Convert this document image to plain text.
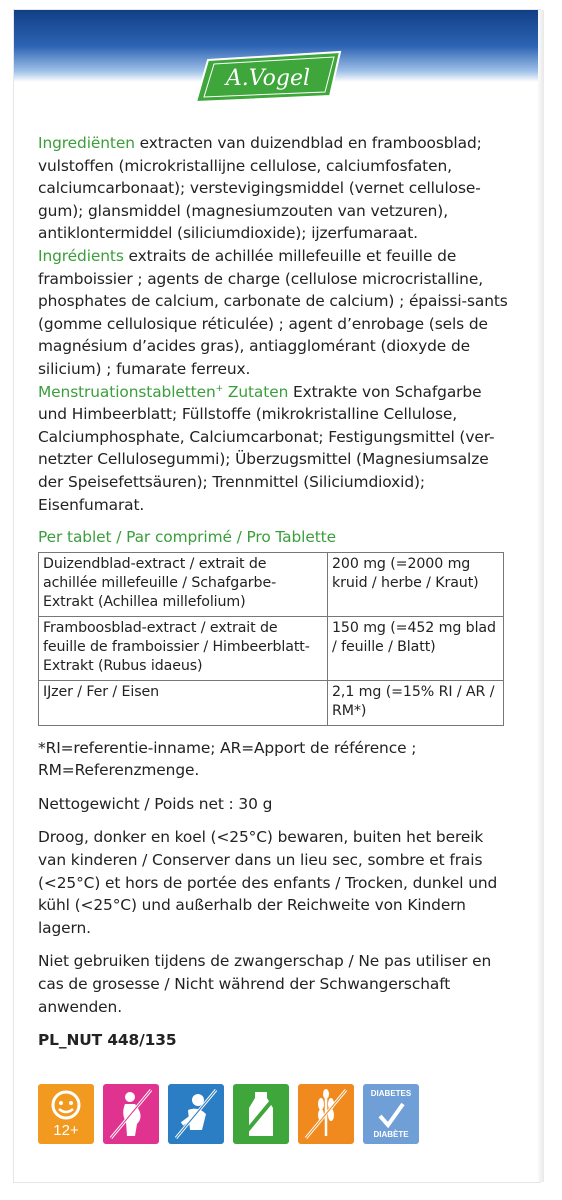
A.Vogel

Ingrediënten extracten van duizendblad en framboosblad; vulstoffen (microkristallijne cellulose, calciumfosfaten, calciumcarbonaat); verstevigingsmiddel (vernet cellulose-gum); glansmiddel (magnesiumzouten van vetzuren), antiklontermiddel (siliciumdioxide); ijzerfumaraat.

Ingrédients extraits de achillée millefeuille et feuille de framboissier ; agents de charge (cellulose microcristalline, phosphates de calcium, carbonate de calcium) ; épaissi-sants (gomme cellulosique réticulée) ; agent d’enrobage (sels de magnésium d’acides gras), antiagglomérant (dioxyde de silicium) ; fumarate ferreux.

Menstruationstabletten+ Zutaten Extrakte von Schafgarbe und Himbeerblatt; Füllstoffe (mikrokristalline Cellulose, Calciumphosphate, Calciumcarbonat; Festigungsmittel (ver-netzter Cellulosegummi); Überzugsmittel (Magnesiumsalze der Speisefettsäuren); Trennmittel (Siliciumdioxid); Eisenfumarat.

Per tablet / Par comprimé / Pro Tablette

Duizendblad-extract / extrait de achillée millefeuille / Schafgarbe-Extrakt (Achillea millefolium)	200 mg (=2000 mg kruid / herbe / Kraut)
Framboosblad-extract / extrait de feuille de framboissier / Himbeerblatt-Extrakt (Rubus idaeus)	150 mg (=452 mg blad / feuille / Blatt)
IJzer / Fer / Eisen	2,1 mg (=15% RI / AR / RM*)

*RI=referentie-inname; AR=Apport de référence ; RM=Referenzmenge.

Nettogewicht / Poids net : 30 g

Droog, donker en koel (<25°C) bewaren, buiten het bereik van kinderen / Conserver dans un lieu sec, sombre et frais (<25°C) et hors de portée des enfants / Trocken, dunkel und kühl (<25°C) und außerhalb der Reichweite von Kindern lagern.

Niet gebruiken tijdens de zwangerschap / Ne pas utiliser en cas de grosesse / Nicht während der Schwangerschaft anwenden.

PL_NUT 448/135

12+
DIABETES
DIABÈTE
